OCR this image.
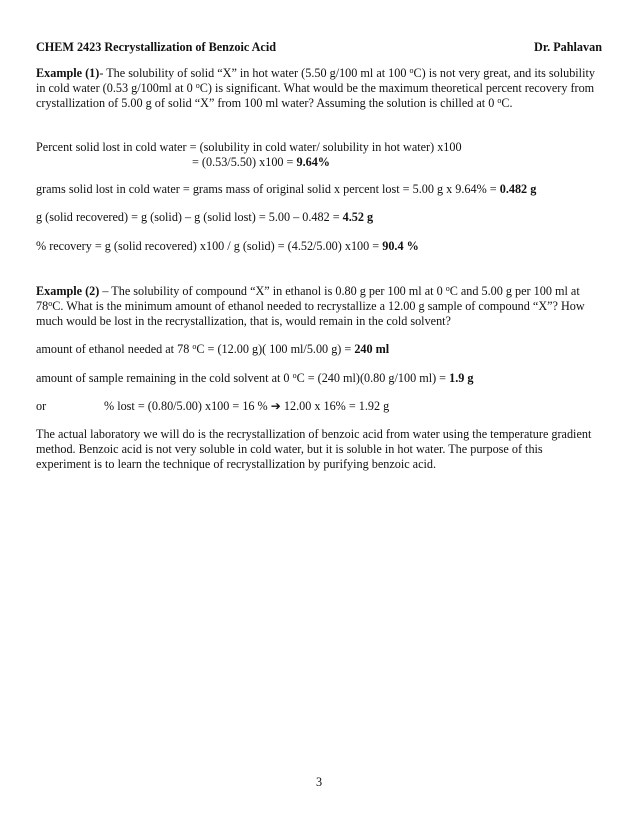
CHEM 2423 Recrystallization of Benzoic Acid	Dr. Pahlavan
Example (1)- The solubility of solid “X” in hot water (5.50 g/100 ml at 100 $^o$C) is not very great, and its solubility in cold water (0.53 g/100ml at 0 $^o$C) is significant. What would be the maximum theoretical percent recovery from crystallization of 5.00 g of solid “X” from 100 ml water? Assuming the solution is chilled at 0 $^o$C.
Percent solid lost in cold water = (solubility in cold water/ solubility in hot water) x100
= (0.53/5.50) x100 = 9.64%
grams solid lost in cold water = grams mass of original solid x percent lost = 5.00 g x 9.64% = 0.482 g
g (solid recovered) = g (solid) – g (solid lost) = 5.00 – 0.482 = 4.52 g
% recovery = g (solid recovered) x100 / g (solid) = (4.52/5.00) x100 = 90.4 %
Example (2) – The solubility of compound “X” in ethanol is 0.80 g per 100 ml at 0 $^o$C and 5.00 g per 100 ml at 78$^o$C. What is the minimum amount of ethanol needed to recrystallize a 12.00 g sample of compound “X”? How much would be lost in the recrystallization, that is, would remain in the cold solvent?
amount of ethanol needed at 78 $^o$C = (12.00 g)( 100 ml/5.00 g) = 240 ml
amount of sample remaining in the cold solvent at 0 $^o$C = (240 ml)(0.80 g/100 ml) = 1.9 g
or	% lost = (0.80/5.00) x100 = 16 % ➔ 12.00 x 16% = 1.92 g
The actual laboratory we will do is the recrystallization of benzoic acid from water using the temperature gradient method. Benzoic acid is not very soluble in cold water, but it is soluble in hot water. The purpose of this experiment is to learn the technique of recrystallization by purifying benzoic acid.
3
